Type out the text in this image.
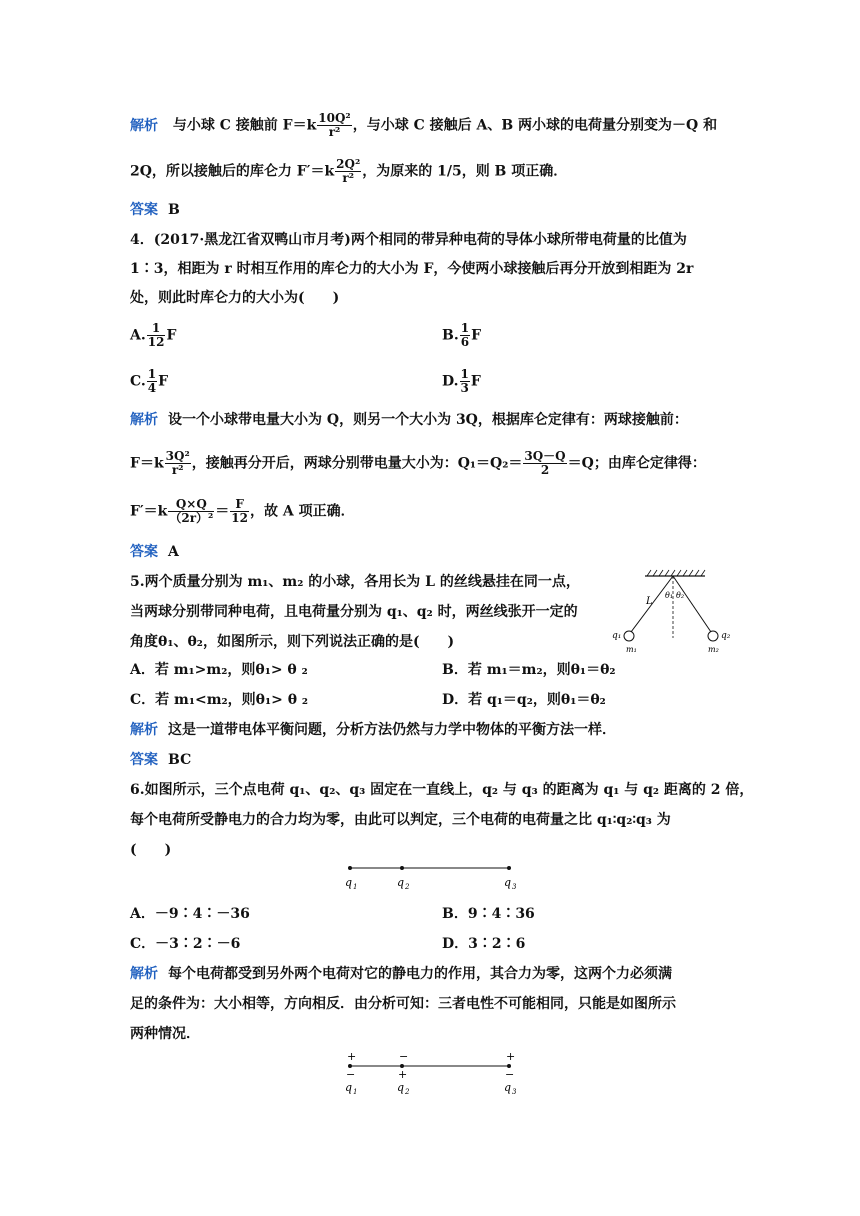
解析 与小球 C 接触前 $F=k \frac{\text{10Q²}}{\text{r²}}$ ，与小球 C 接触后 A、B 两小球的电荷量分别变为－Q 和
2Q，所以接触后的库仑力 $F'=k \frac{\text{2Q²}}{\text{r²}}$ ，为原来的 1/5，则 B 项正确．
答案 B
4．(2017·黑龙江省双鸭山市月考)两个相同的带异种电荷的导体小球所带电荷量的比值为
1∶3，相距为 r 时相互作用的库仑力的大小为 F，今使两小球接触后再分开放到相距为 2r
处，则此时库仑力的大小为(　　)
A. $\frac{1}{12}$ F	B. $\frac{1}{6}$ F
C. $\frac{1}{4}$ F	D. $\frac{1}{3}$ F
解析 设一个小球带电量大小为 Q，则另一个大小为 3Q，根据库仑定律有：两球接触前：
$F=k \frac{\text{3Q²}}{\text{r²}}$ ，接触再分开后，两球分别带电量大小为：$Q_1=Q_2= \frac{3Q-Q}{2} =Q$；由库仑定律得：
$F'=k \frac{Q\times Q}{\text{（2r）²}} = \frac{F}{12}$ ，故 A 项正确．
答案 A
5.两个质量分别为 m₁、m₂ 的小球，各用长为 L 的丝线悬挂在同一点，
当两球分别带同种电荷，且电荷量分别为 q₁、q₂ 时，两丝线张开一定的
角度θ₁、θ₂，如图所示，则下列说法正确的是(　　)
L
θ₁ θ₂
q₁	q₂
m₁	m₂
A．若 m₁>m₂，则θ₁> θ ₂	B．若 m₁＝m₂，则θ₁＝θ₂
C．若 m₁<m₂，则θ₁> θ ₂	D．若 q₁＝q₂，则θ₁＝θ₂
解析 这是一道带电体平衡问题，分析方法仍然与力学中物体的平衡方法一样．
答案 BC
6.如图所示，三个点电荷 q₁、q₂、q₃ 固定在一直线上，q₂ 与 q₃ 的距离为 q₁ 与 q₂ 距离的 2 倍，
每个电荷所受静电力的合力均为零，由此可以判定，三个电荷的电荷量之比 q₁∶q₂∶q₃ 为
(　　)
q 1	q 2	q 3
A．－9∶4∶－36	B．9∶4∶36
C．－3∶2∶－6	D．3∶2∶6
解析 每个电荷都受到另外两个电荷对它的静电力的作用，其合力为零，这两个力必须满
足的条件为：大小相等，方向相反．由分析可知：三者电性不可能相同，只能是如图所示
两种情况．
+	−	+
−	+	−
q 1	q 2	q 3
